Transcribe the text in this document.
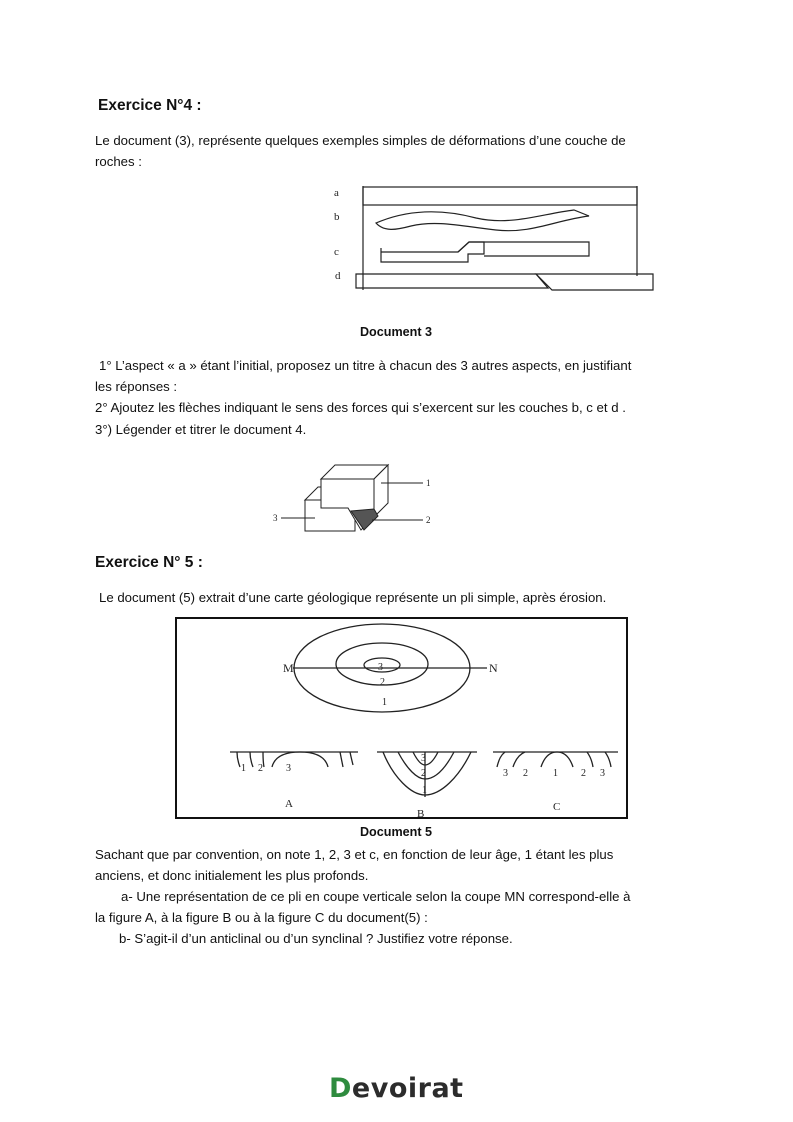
Exercice N°4 :
Le document (3), représente quelques exemples simples de déformations d’une couche de
roches :
a
b
c
d
Document 3
1° L’aspect « a » étant l’initial, proposez un titre à chacun des 3 autres aspects, en justifiant
les réponses :
2° Ajoutez les flèches indiquant le sens des forces qui s’exercent sur les couches b, c et d .
3°) Légender et titrer le document 4.
1
2
3
Exercice N° 5 :
Le document (5) extrait d’une carte géologique représente un pli simple, après érosion.
M	N
3
2
1
1 2 3
A
3
2
1
B
3 2	1 2 3
C
Document 5
Sachant que par convention, on note 1, 2, 3 et c, en fonction de leur âge, 1 étant les plus
anciens, et donc initialement les plus profonds.
a- Une représentation de ce pli en coupe verticale selon la coupe MN correspond-elle à
la figure A, à la figure B ou à la figure C du document(5) :
b- S’agit-il d’un anticlinal ou d’un synclinal ? Justifiez votre réponse.
Devoirat
